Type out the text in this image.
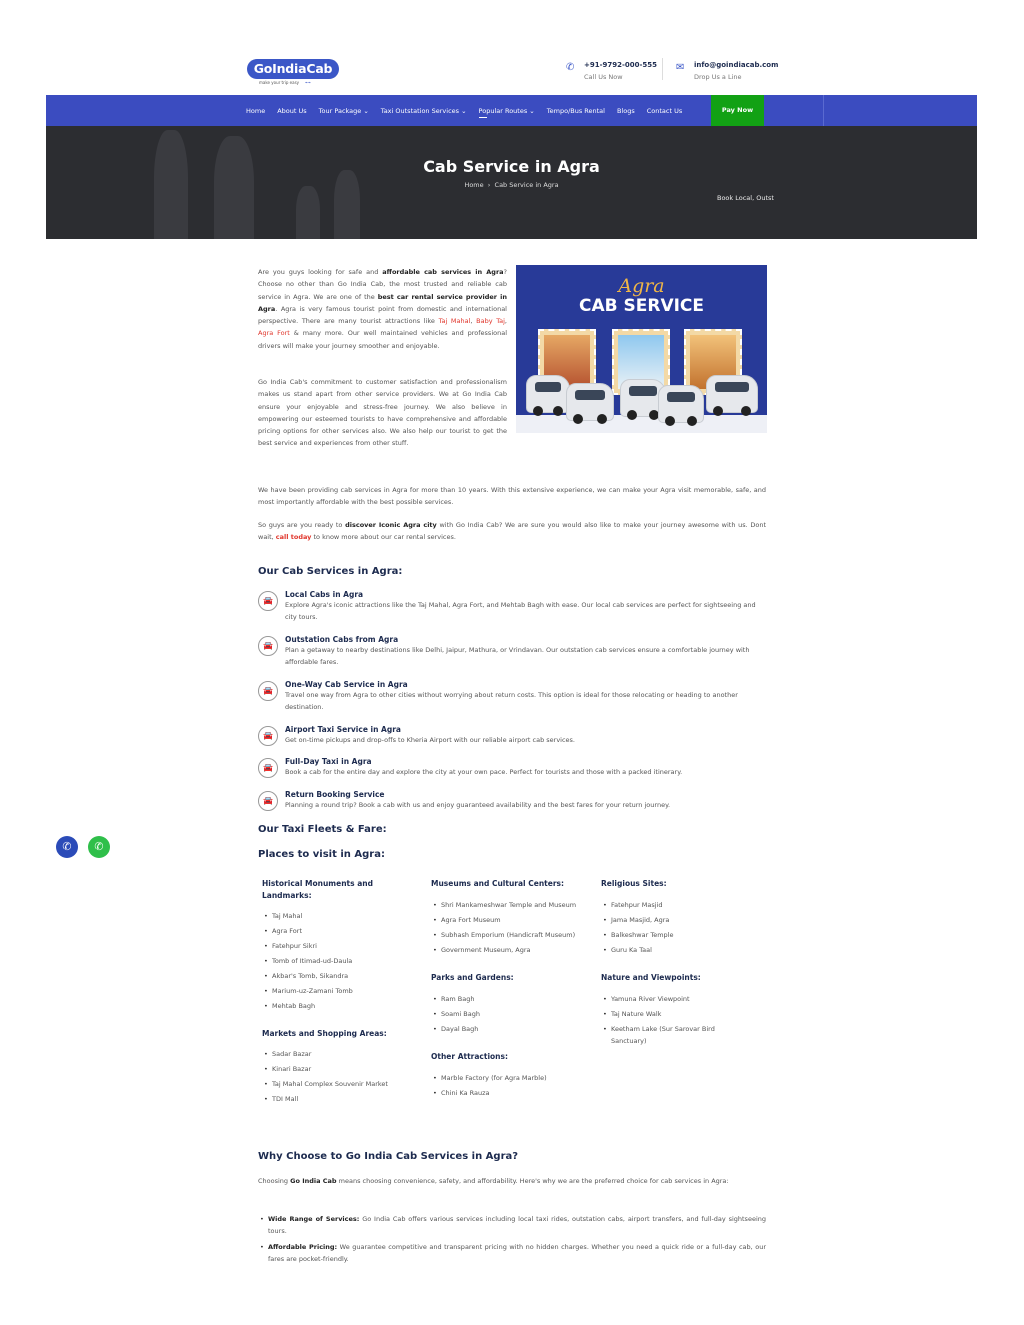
GoIndiaCab
make your trip easy ⌁⌁
✆	+91-9792-000-555
Call Us Now
✉	info@goindiacab.com
Drop Us a Line
Home About Us Tour Package ⌄ Taxi Outstation Services ⌄ Popular Routes ⌄ Tempo/Bus Rental Blogs Contact Us	Pay Now
Cab Service in Agra
Home › Cab Service in Agra
Book Local, Outst
Are you guys looking for safe and affordable cab services in Agra? Choose no other than Go India Cab, the most trusted and reliable cab service in Agra. We are one of the best car rental service provider in Agra. Agra is very famous tourist point from domestic and international perspective. There are many tourist attractions like Taj Mahal, Baby Taj, Agra Fort & many more. Our well maintained vehicles and professional drivers will make your journey smoother and enjoyable.
Go India Cab's commitment to customer satisfaction and professionalism makes us stand apart from other service providers. We at Go India Cab ensure your enjoyable and stress-free journey. We also believe in empowering our esteemed tourists to have comprehensive and affordable pricing options for other services also. We also help our tourist to get the best service and experiences from other stuff.
Agra
CAB SERVICE
We have been providing cab services in Agra for more than 10 years. With this extensive experience, we can make your Agra visit memorable, safe, and most importantly affordable with the best possible services.
So guys are you ready to discover Iconic Agra city with Go India Cab? We are sure you would also like to make your journey awesome with us. Dont wait, call today to know more about our car rental services.
Our Cab Services in Agra:
🚘
Local Cabs in Agra
Explore Agra's iconic attractions like the Taj Mahal, Agra Fort, and Mehtab Bagh with ease. Our local cab services are perfect for sightseeing and city tours.
🚘
Outstation Cabs from Agra
Plan a getaway to nearby destinations like Delhi, Jaipur, Mathura, or Vrindavan. Our outstation cab services ensure a comfortable journey with affordable fares.
🚘
One-Way Cab Service in Agra
Travel one way from Agra to other cities without worrying about return costs. This option is ideal for those relocating or heading to another destination.
🚘
Airport Taxi Service in Agra
Get on-time pickups and drop-offs to Kheria Airport with our reliable airport cab services.
🚘
Full-Day Taxi in Agra
Book a cab for the entire day and explore the city at your own pace. Perfect for tourists and those with a packed itinerary.
🚘
Return Booking Service
Planning a round trip? Book a cab with us and enjoy guaranteed availability and the best fares for your return journey.
Our Taxi Fleets & Fare:
✆	✆
Places to visit in Agra:
Historical Monuments and Landmarks:
• Taj Mahal
• Agra Fort
• Fatehpur Sikri
• Tomb of Itimad-ud-Daula
• Akbar's Tomb, Sikandra
• Marium-uz-Zamani Tomb
• Mehtab Bagh
Markets and Shopping Areas:
• Sadar Bazar
• Kinari Bazar
• Taj Mahal Complex Souvenir Market
• TDI Mall
Museums and Cultural Centers:
• Shri Mankameshwar Temple and Museum
• Agra Fort Museum
• Subhash Emporium (Handicraft Museum)
• Government Museum, Agra
Parks and Gardens:
• Ram Bagh
• Soami Bagh
• Dayal Bagh
Other Attractions:
• Marble Factory (for Agra Marble)
• Chini Ka Rauza
Religious Sites:
• Fatehpur Masjid
• Jama Masjid, Agra
• Balkeshwar Temple
• Guru Ka Taal
Nature and Viewpoints:
• Yamuna River Viewpoint
• Taj Nature Walk
• Keetham Lake (Sur Sarovar Bird Sanctuary)
Why Choose to Go India Cab Services in Agra?
Choosing Go India Cab means choosing convenience, safety, and affordability. Here's why we are the preferred choice for cab services in Agra:
• Wide Range of Services: Go India Cab offers various services including local taxi rides, outstation cabs, airport transfers, and full-day sightseeing tours.
• Affordable Pricing: We guarantee competitive and transparent pricing with no hidden charges. Whether you need a quick ride or a full-day cab, our fares are pocket-friendly.
